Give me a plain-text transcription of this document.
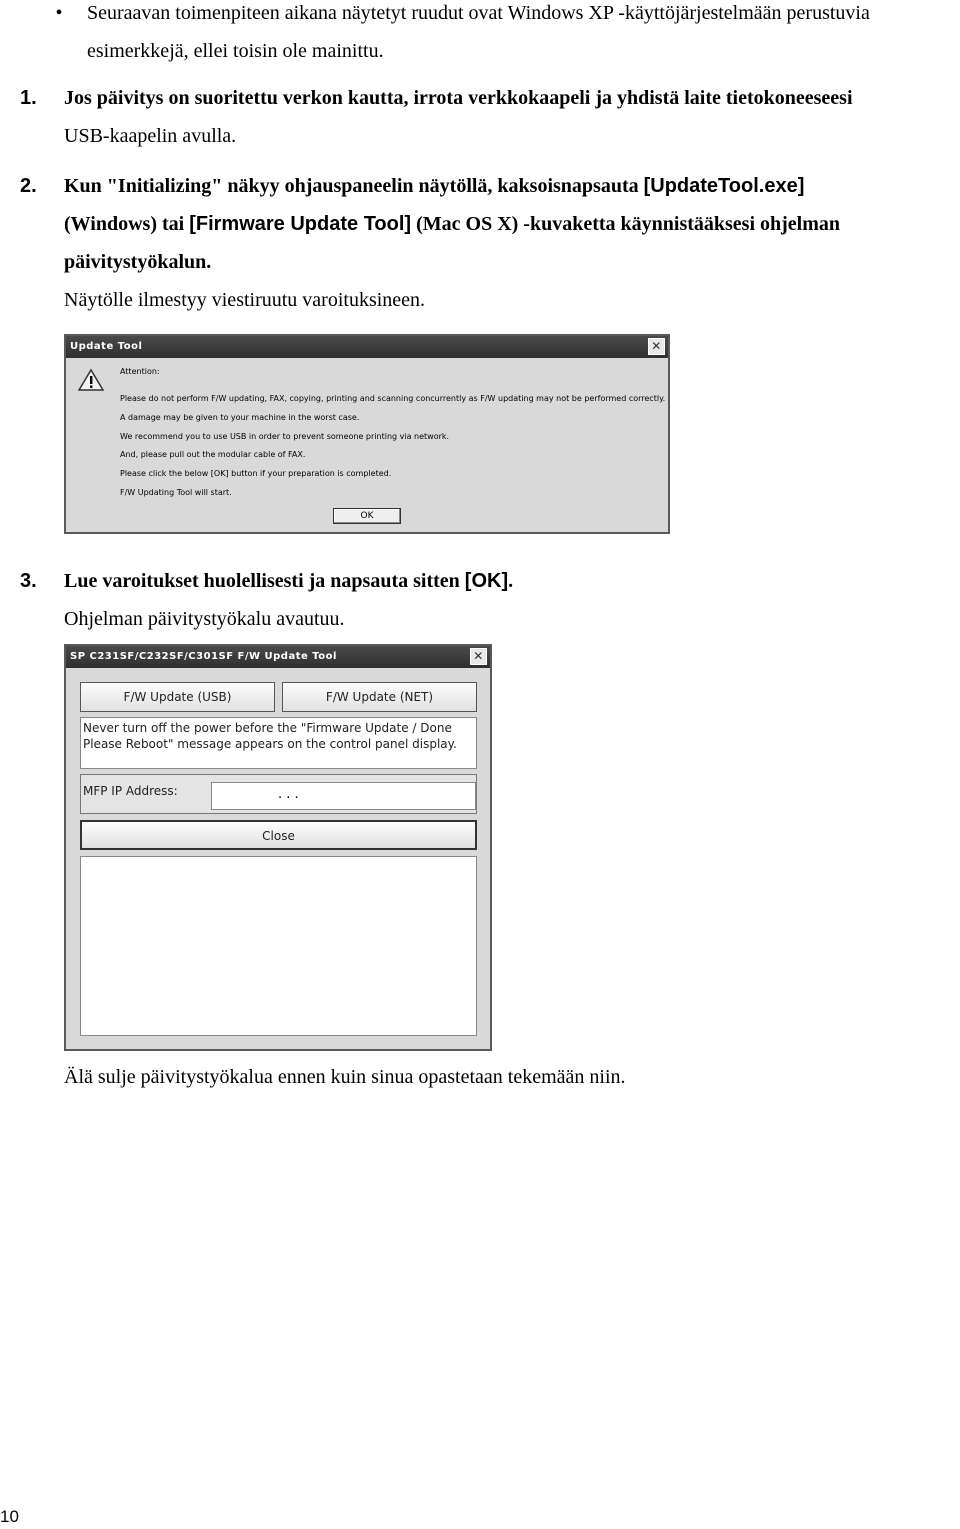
• Seuraavan toimenpiteen aikana näytetyt ruudut ovat Windows XP -käyttöjärjestelmään perustuvia
esimerkkejä, ellei toisin ole mainittu.
1.	Jos päivitys on suoritettu verkon kautta, irrota verkkokaapeli ja yhdistä laite tietokoneeseesi
USB-kaapelin avulla.
2.	Kun "Initializing" näkyy ohjauspaneelin näytöllä, kaksoisnapsauta [UpdateTool.exe]
(Windows) tai [Firmware Update Tool] (Mac OS X) -kuvaketta käynnistääksesi ohjelman
päivitystyökalun.
Näytölle ilmestyy viestiruutu varoituksineen.
Update Tool	✕
Attention:
Please do not perform F/W updating, FAX, copying, printing and scanning concurrently as F/W updating may not be performed correctly.
A damage may be given to your machine in the worst case.
We recommend you to use USB in order to prevent someone printing via network.
And, please pull out the modular cable of FAX.
Please click the below [OK] button if your preparation is completed.
F/W Updating Tool will start.
OK
3.	Lue varoitukset huolellisesti ja napsauta sitten [OK].
Ohjelman päivitystyökalu avautuu.
SP C231SF/C232SF/C301SF F/W Update Tool	✕
F/W Update (USB)	F/W Update (NET)
Never turn off the power before the "Firmware Update / Done
Please Reboot" message appears on the control panel display.
MFP IP Address:	. . .
Close
Älä sulje päivitystyökalua ennen kuin sinua opastetaan tekemään niin.
10
